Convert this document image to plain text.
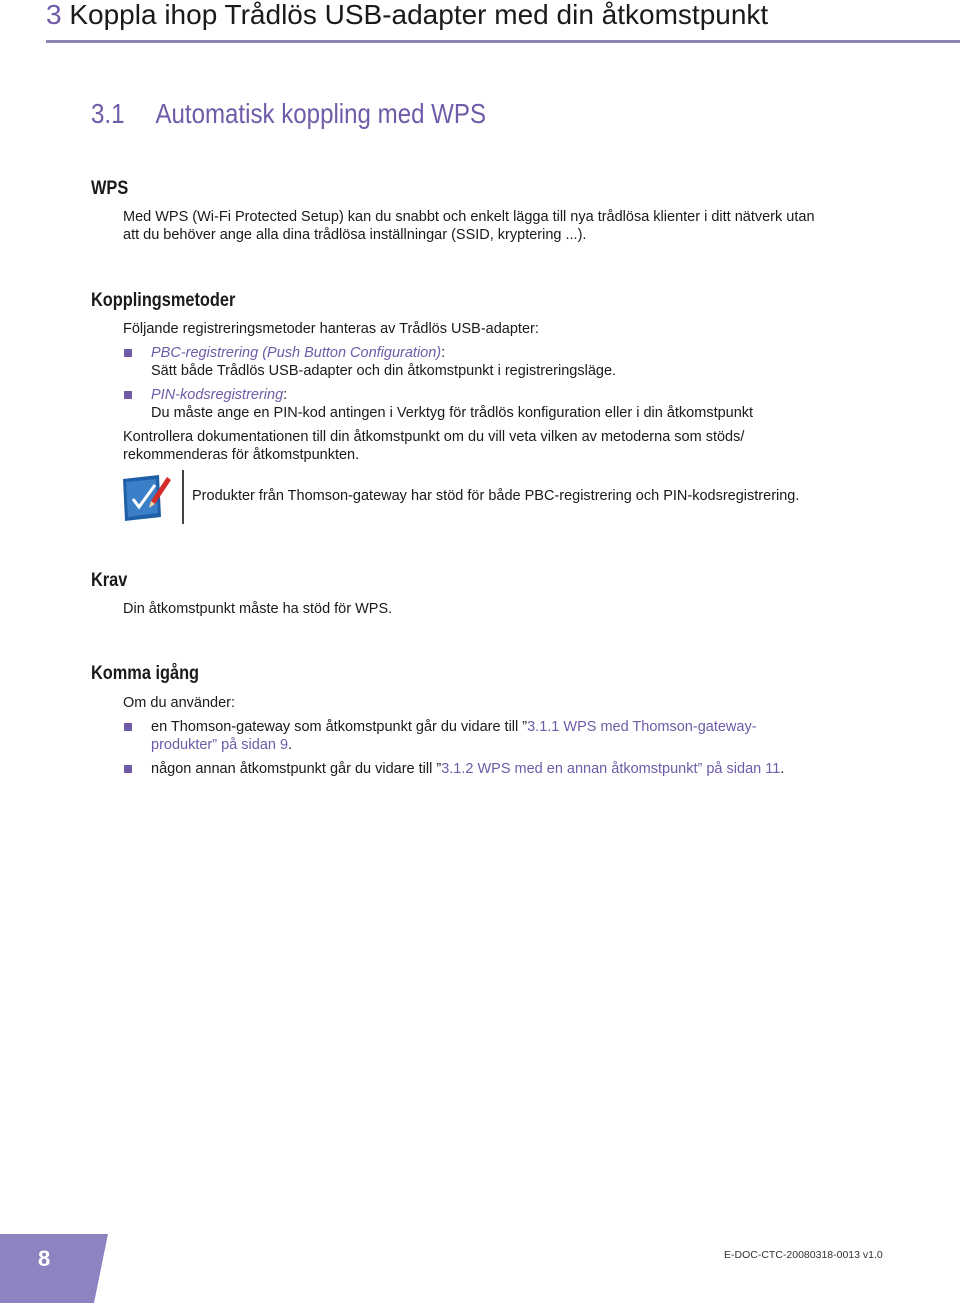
3 Koppla ihop Trådlös USB-adapter med din åtkomstpunkt
3.1 Automatisk koppling med WPS
WPS
Med WPS (Wi-Fi Protected Setup) kan du snabbt och enkelt lägga till nya trådlösa klienter i ditt nätverk utan
att du behöver ange alla dina trådlösa inställningar (SSID, kryptering ...).
Kopplingsmetoder
Följande registreringsmetoder hanteras av Trådlös USB-adapter:
PBC-registrering (Push Button Configuration):
Sätt både Trådlös USB-adapter och din åtkomstpunkt i registreringsläge.
PIN-kodsregistrering:
Du måste ange en PIN-kod antingen i Verktyg för trådlös konfiguration eller i din åtkomstpunkt
Kontrollera dokumentationen till din åtkomstpunkt om du vill veta vilken av metoderna som stöds/
rekommenderas för åtkomstpunkten.
Produkter från Thomson-gateway har stöd för både PBC-registrering och PIN-kodsregistrering.
Krav
Din åtkomstpunkt måste ha stöd för WPS.
Komma igång
Om du använder:
en Thomson-gateway som åtkomstpunkt går du vidare till ”3.1.1 WPS med Thomson-gateway-
produkter” på sidan 9.
någon annan åtkomstpunkt går du vidare till ”3.1.2 WPS med en annan åtkomstpunkt” på sidan 11.
8	E-DOC-CTC-20080318-0013 v1.0
